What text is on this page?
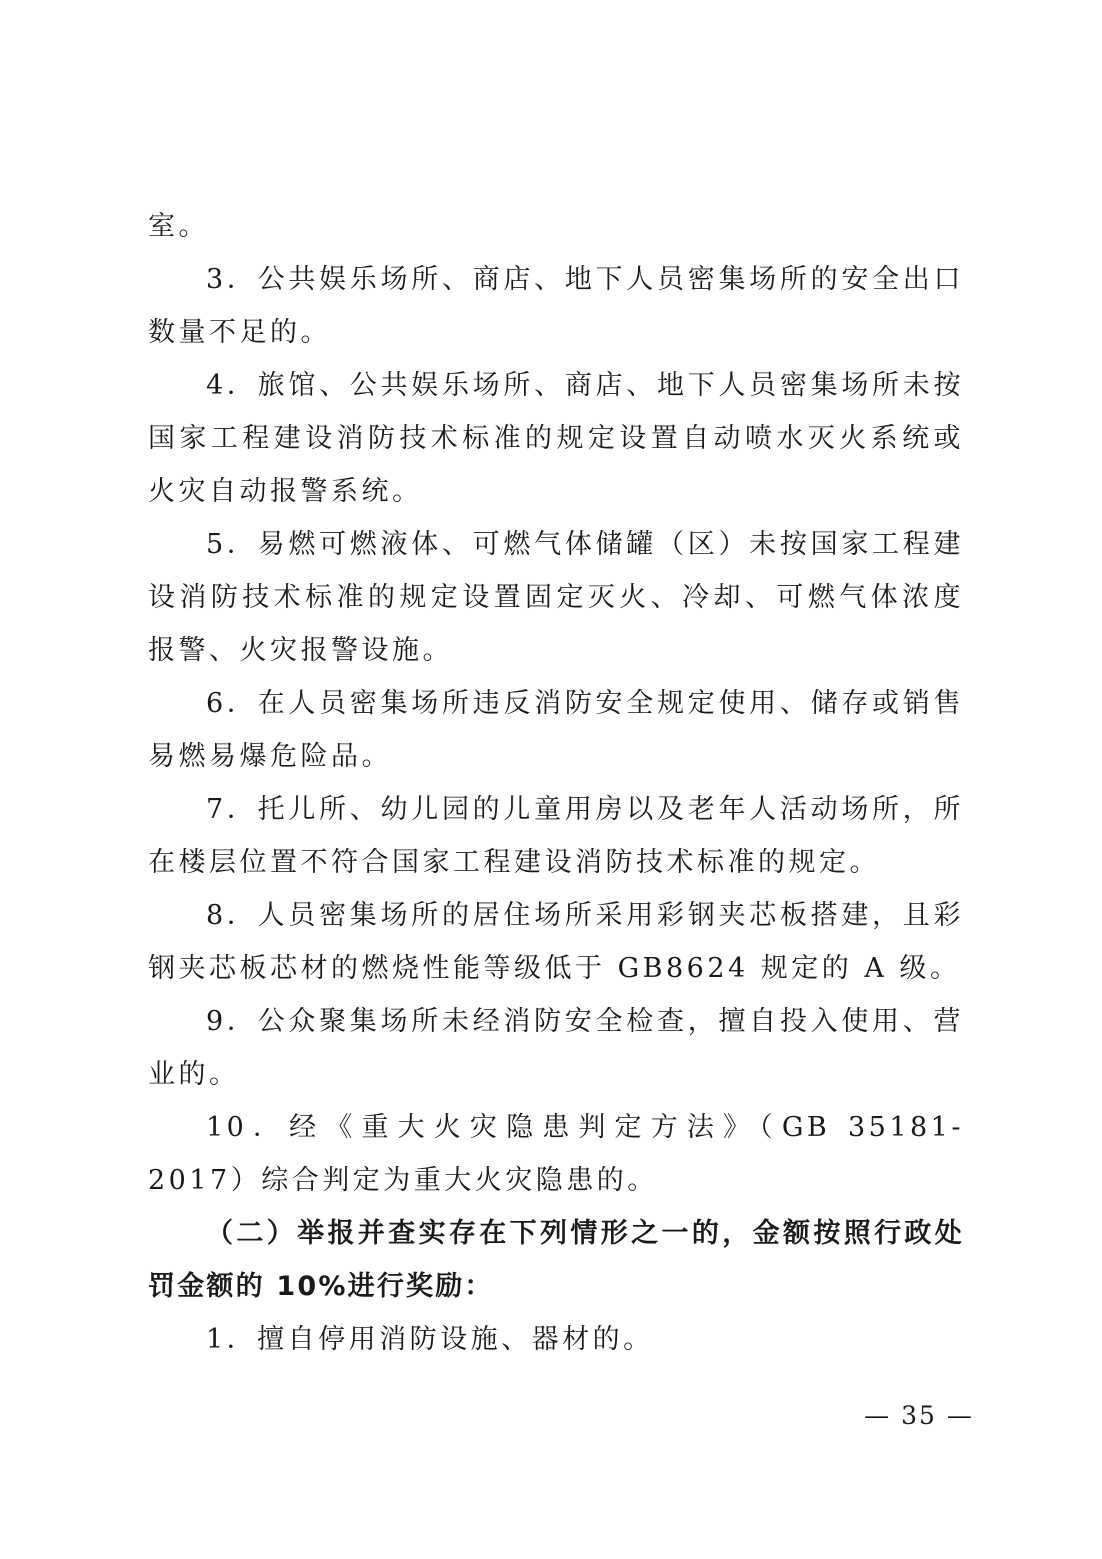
室。

3．公共娱乐场所、商店、地下人员密集场所的安全出口数量不足的。

4．旅馆、公共娱乐场所、商店、地下人员密集场所未按国家工程建设消防技术标准的规定设置自动喷水灭火系统或火灾自动报警系统。

5．易燃可燃液体、可燃气体储罐（区）未按国家工程建设消防技术标准的规定设置固定灭火、冷却、可燃气体浓度报警、火灾报警设施。

6．在人员密集场所违反消防安全规定使用、储存或销售易燃易爆危险品。

7．托儿所、幼儿园的儿童用房以及老年人活动场所，所在楼层位置不符合国家工程建设消防技术标准的规定。

8．人员密集场所的居住场所采用彩钢夹芯板搭建，且彩钢夹芯板芯材的燃烧性能等级低于 GB8624 规定的 A 级。

9．公众聚集场所未经消防安全检查，擅自投入使用、营业的。

10．经《重大火灾隐患判定方法》（GB 35181-2017）综合判定为重大火灾隐患的。

（二）举报并查实存在下列情形之一的，金额按照行政处罚金额的 10%进行奖励：

1．擅自停用消防设施、器材的。

— 35 —
